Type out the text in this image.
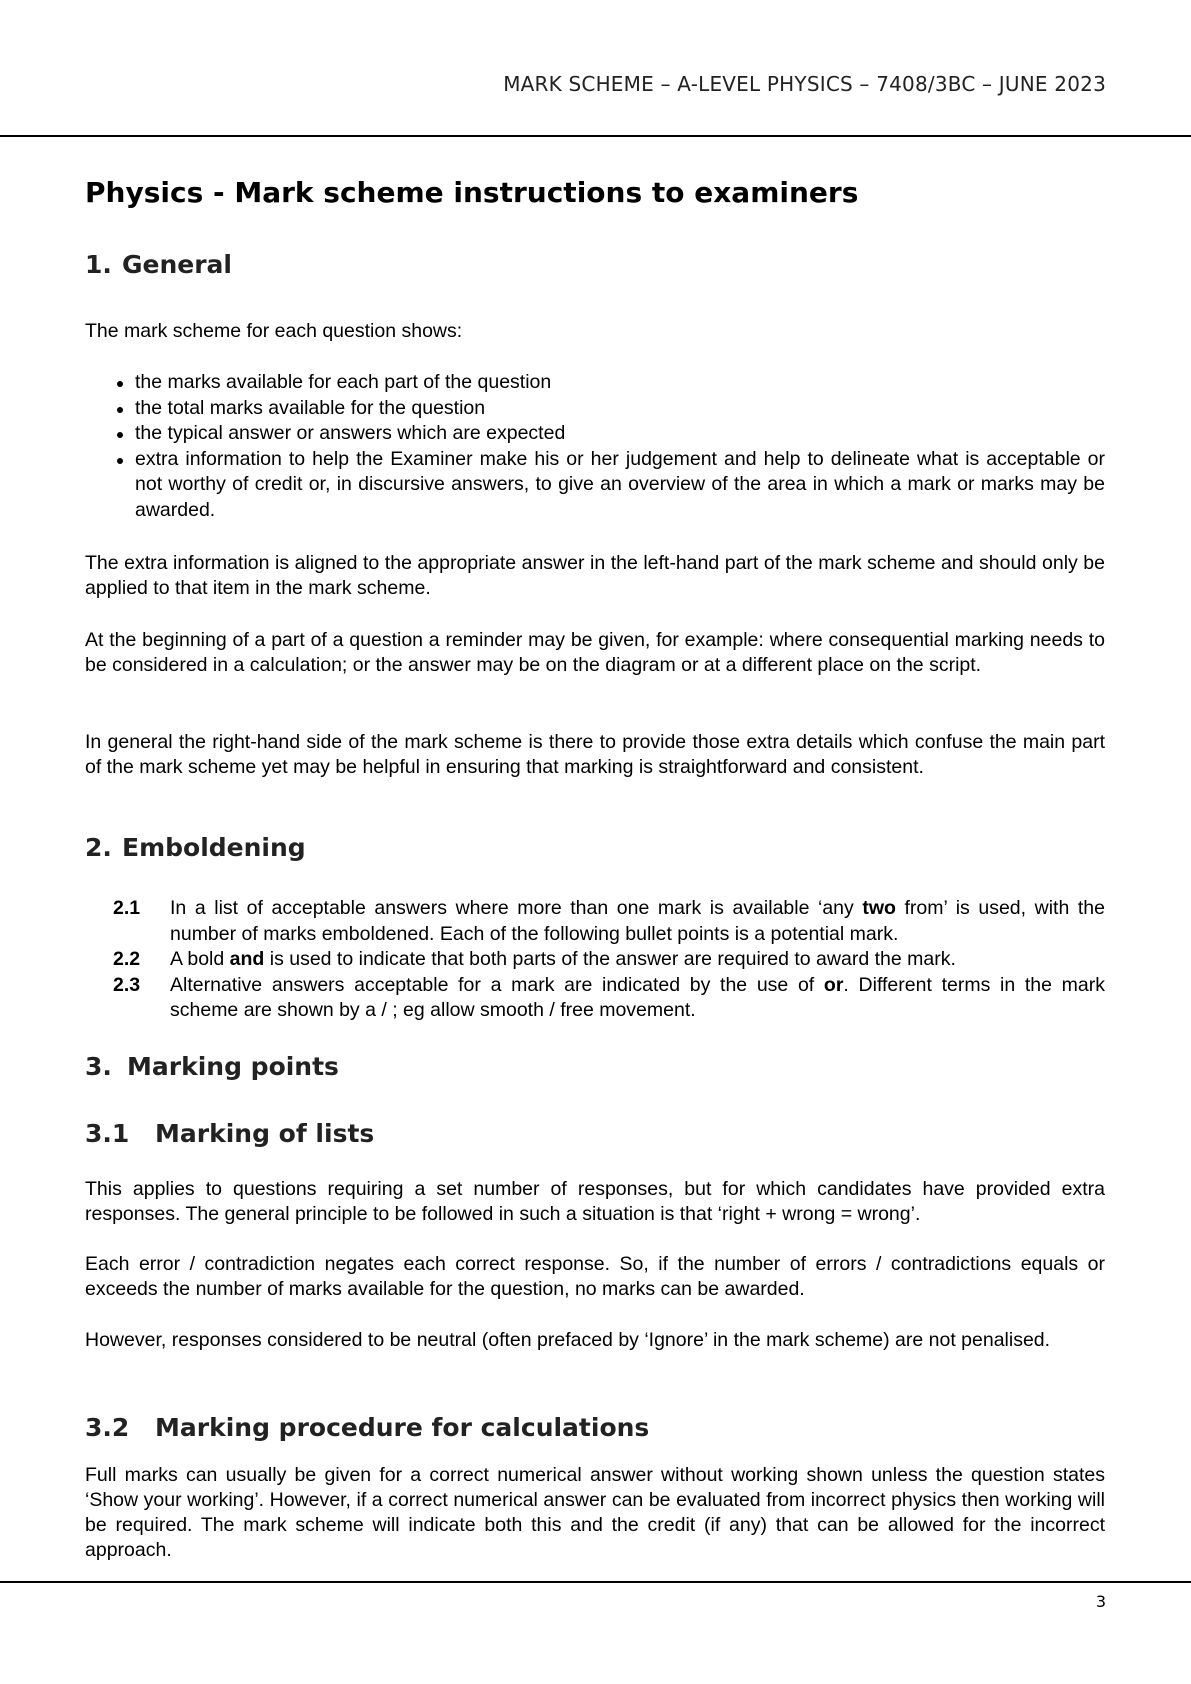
MARK SCHEME – A-LEVEL PHYSICS – 7408/3BC – JUNE 2023
Physics - Mark scheme instructions to examiners
1. General

The mark scheme for each question shows:

the marks available for each part of the question
the total marks available for the question
the typical answer or answers which are expected
extra information to help the Examiner make his or her judgement and help to delineate what is acceptable or not worthy of credit or, in discursive answers, to give an overview of the area in which a mark or marks may be awarded.

The extra information is aligned to the appropriate answer in the left-hand part of the mark scheme and should only be applied to that item in the mark scheme.

At the beginning of a part of a question a reminder may be given, for example: where consequential marking needs to be considered in a calculation; or the answer may be on the diagram or at a different place on the script.

In general the right-hand side of the mark scheme is there to provide those extra details which confuse the main part of the mark scheme yet may be helpful in ensuring that marking is straightforward and consistent.

2. Emboldening
2.1 In a list of acceptable answers where more than one mark is available ‘any two from’ is used, with the number of marks emboldened. Each of the following bullet points is a potential mark.
2.2 A bold and is used to indicate that both parts of the answer are required to award the mark.
2.3 Alternative answers acceptable for a mark are indicated by the use of or. Different terms in the mark scheme are shown by a / ; eg allow smooth / free movement.
3. Marking points
3.1 Marking of lists

This applies to questions requiring a set number of responses, but for which candidates have provided extra responses. The general principle to be followed in such a situation is that ‘right + wrong = wrong’.

Each error / contradiction negates each correct response. So, if the number of errors / contradictions equals or exceeds the number of marks available for the question, no marks can be awarded.

However, responses considered to be neutral (often prefaced by ‘Ignore’ in the mark scheme) are not penalised.

3.2 Marking procedure for calculations

Full marks can usually be given for a correct numerical answer without working shown unless the question states ‘Show your working’. However, if a correct numerical answer can be evaluated from incorrect physics then working will be required. The mark scheme will indicate both this and the credit (if any) that can be allowed for the incorrect approach.

3
